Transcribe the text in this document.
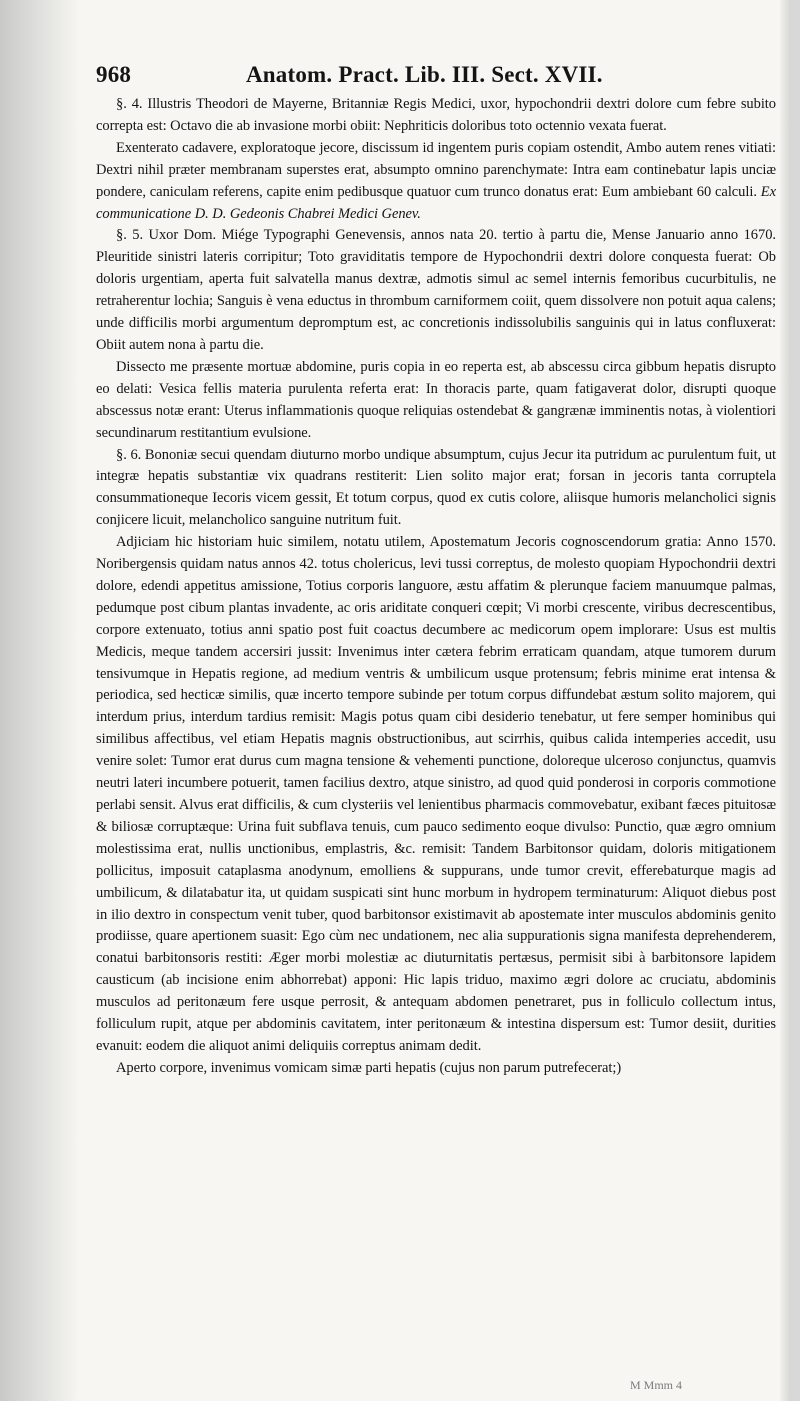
968	Anatom. Pract. Lib. III. Sect. XVII.

§. 4. Illustris Theodori de Mayerne, Britanniæ Regis Medici, uxor, hypochondrii dextri dolore cum febre subito correpta est: Octavo die ab invasione morbi obiit: Nephriticis doloribus toto octennio vexata fuerat.

Exenterato cadavere, exploratoque jecore, discissum id ingentem puris copiam ostendit, Ambo autem renes vitiati: Dextri nihil præter membranam superstes erat, absumpto omnino parenchymate: Intra eam continebatur lapis unciæ pondere, caniculam referens, capite enim pedibusque quatuor cum trunco donatus erat: Eum ambiebant 60 calculi. Ex communicatione D. D. Gedeonis Chabrei Medici Genev.

§. 5. Uxor Dom. Miége Typographi Genevensis, annos nata 20. tertio à partu die, Mense Januario anno 1670. Pleuritide sinistri lateris corripitur; Toto graviditatis tempore de Hypochondrii dextri dolore conquesta fuerat: Ob doloris urgentiam, aperta fuit salvatella manus dextræ, admotis simul ac semel internis femoribus cucurbitulis, ne retraherentur lochia; Sanguis è vena eductus in thrombum carniformem coiit, quem dissolvere non potuit aqua calens; unde difficilis morbi argumentum depromptum est, ac concretionis indissolubilis sanguinis qui in latus confluxerat: Obiit autem nona à partu die.

Dissecto me præsente mortuæ abdomine, puris copia in eo reperta est, ab abscessu circa gibbum hepatis disrupto eo delati: Vesica fellis materia purulenta referta erat: In thoracis parte, quam fatigaverat dolor, disrupti quoque abscessus notæ erant: Uterus inflammationis quoque reliquias ostendebat & gangrænæ imminentis notas, à violentiori secundinarum restitantium evulsione.

§. 6. Bononiæ secui quendam diuturno morbo undique absumptum, cujus Jecur ita putridum ac purulentum fuit, ut integræ hepatis substantiæ vix quadrans restiterit: Lien solito major erat; forsan in jecoris tanta corruptela consummationeque Iecoris vicem gessit, Et totum corpus, quod ex cutis colore, aliisque humoris melancholici signis conjicere licuit, melancholico sanguine nutritum fuit.

Adjiciam hic historiam huic similem, notatu utilem, Apostematum Jecoris cognoscendorum gratia: Anno 1570. Noribergensis quidam natus annos 42. totus cholericus, levi tussi correptus, de molesto quopiam Hypochondrii dextri dolore, edendi appetitus amissione, Totius corporis languore, æstu affatim & plerunque faciem manuumque palmas, pedumque post cibum plantas invadente, ac oris ariditate conqueri cœpit; Vi morbi crescente, viribus decrescentibus, corpore extenuato, totius anni spatio post fuit coactus decumbere ac medicorum opem implorare: Usus est multis Medicis, meque tandem accersiri jussit: Invenimus inter cætera febrim erraticam quandam, atque tumorem durum tensivumque in Hepatis regione, ad medium ventris & umbilicum usque protensum; febris minime erat intensa & periodica, sed hecticæ similis, quæ incerto tempore subinde per totum corpus diffundebat æstum solito majorem, qui interdum prius, interdum tardius remisit: Magis potus quam cibi desiderio tenebatur, ut fere semper hominibus qui similibus affectibus, vel etiam Hepatis magnis obstructionibus, aut scirrhis, quibus calida intemperies accedit, usu venire solet: Tumor erat durus cum magna tensione & vehementi punctione, doloreque ulceroso conjunctus, quamvis neutri lateri incumbere potuerit, tamen facilius dextro, atque sinistro, ad quod quid ponderosi in corporis commotione perlabi sensit. Alvus erat difficilis, & cum clysteriis vel lenientibus pharmacis commovebatur, exibant fæces pituitosæ & biliosæ corruptæque: Urina fuit subflava tenuis, cum pauco sedimento eoque divulso: Punctio, quæ ægro omnium molestissima erat, nullis unctionibus, emplastris, &c. remisit: Tandem Barbitonsor quidam, doloris mitigationem pollicitus, imposuit cataplasma anodynum, emolliens & suppurans, unde tumor crevit, efferebaturque magis ad umbilicum, & dilatabatur ita, ut quidam suspicati sint hunc morbum in hydropem terminaturum: Aliquot diebus post in ilio dextro in conspectum venit tuber, quod barbitonsor existimavit ab apostemate inter musculos abdominis genito prodiisse, quare apertionem suasit: Ego cùm nec undationem, nec alia suppurationis signa manifesta deprehenderem, conatui barbitonsoris restiti: Æger morbi molestiæ ac diuturnitatis pertæsus, permisit sibi à barbitonsore lapidem causticum (ab incisione enim abhorrebat) apponi: Hic lapis triduo, maximo ægri dolore ac cruciatu, abdominis musculos ad peritonæum fere usque perrosit, & antequam abdomen penetraret, pus in folliculo collectum intus, folliculum rupit, atque per abdominis cavitatem, inter peritonæum & intestina dispersum est: Tumor desiit, durities evanuit: eodem die aliquot animi deliquiis correptus animam dedit.

Aperto corpore, invenimus vomicam simæ parti hepatis (cujus non parum putrefecerat;)

M Mmm 4
